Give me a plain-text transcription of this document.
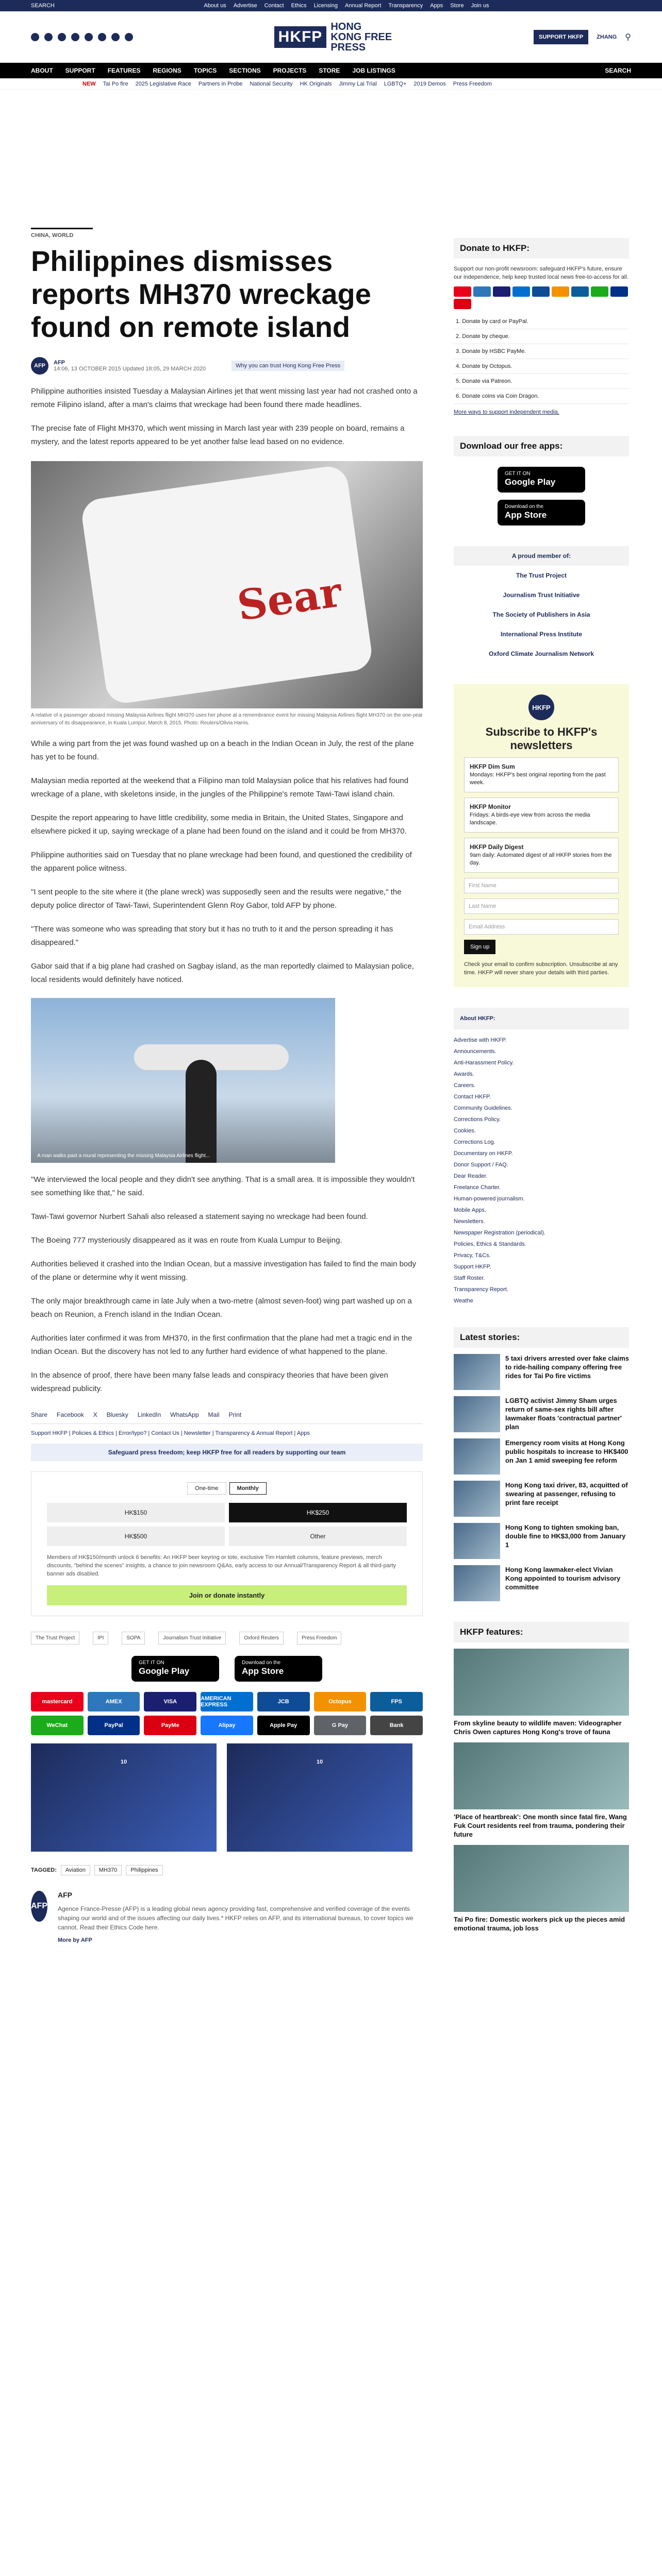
SEARCH	About us Advertise Contact Ethics Licensing Annual Report Transparency Apps Store Join us
HKFP
HONG KONG FREE PRESS
SUPPORT HKFP	ZHANG ⚲
ABOUT SUPPORT FEATURES REGIONS TOPICS SECTIONS PROJECTS STORE JOB LISTINGS	SEARCH
NEW Tai Po fire 2025 Legislative Race Partners in Probe National Security HK Originals Jimmy Lai Trial LGBTQ+ 2019 Demos Press Freedom
CHINA, WORLD
Philippines dismisses reports MH370 wreckage found on remote island
AFP	AFP
14:06, 13 OCTOBER 2015 Updated 18:05, 29 MARCH 2020	Why you can trust Hong Kong Free Press

Philippine authorities insisted Tuesday a Malaysian Airlines jet that went missing last year had not crashed onto a remote Filipino island, after a man's claims that wreckage had been found there made headlines.

The precise fate of Flight MH370, which went missing in March last year with 239 people on board, remains a mystery, and the latest reports appeared to be yet another false lead based on no evidence.

Sear
A relative of a passenger aboard missing Malaysia Airlines flight MH370 uses her phone at a remembrance event for missing Malaysia Airlines flight MH370 on the one-year anniversary of its disappearance, in Kuala Lumpur, March 8, 2015. Photo: Reuters/Olivia Harris.

While a wing part from the jet was found washed up on a beach in the Indian Ocean in July, the rest of the plane has yet to be found.

Malaysian media reported at the weekend that a Filipino man told Malaysian police that his relatives had found wreckage of a plane, with skeletons inside, in the jungles of the Philippine's remote Tawi-Tawi island chain.

Despite the report appearing to have little credibility, some media in Britain, the United States, Singapore and elsewhere picked it up, saying wreckage of a plane had been found on the island and it could be from MH370.

Philippine authorities said on Tuesday that no plane wreckage had been found, and questioned the credibility of the apparent police witness.

"I sent people to the site where it (the plane wreck) was supposedly seen and the results were negative," the deputy police director of Tawi-Tawi, Superintendent Glenn Roy Gabor, told AFP by phone.

"There was someone who was spreading that story but it has no truth to it and the person spreading it has disappeared."

Gabor said that if a big plane had crashed on Sagbay island, as the man reportedly claimed to Malaysian police, local residents would definitely have noticed.

A man walks past a mural representing the missing Malaysia Airlines flight...

"We interviewed the local people and they didn't see anything. That is a small area. It is impossible they wouldn't see something like that," he said.

Tawi-Tawi governor Nurbert Sahali also released a statement saying no wreckage had been found.

The Boeing 777 mysteriously disappeared as it was en route from Kuala Lumpur to Beijing.

Authorities believed it crashed into the Indian Ocean, but a massive investigation has failed to find the main body of the plane or determine why it went missing.

The only major breakthrough came in late July when a two-metre (almost seven-foot) wing part washed up on a beach on Reunion, a French island in the Indian Ocean.

Authorities later confirmed it was from MH370, in the first confirmation that the plane had met a tragic end in the Indian Ocean. But the discovery has not led to any further hard evidence of what happened to the plane.

In the absence of proof, there have been many false leads and conspiracy theories that have been given widespread publicity.

Share Facebook X Bluesky LinkedIn WhatsApp Mail Print
Support HKFP | Policies & Ethics | Error/typo? | Contact Us | Newsletter | Transparency & Annual Report | Apps
Safeguard press freedom; keep HKFP free for all readers by supporting our team
One-time	Monthly
HK$150	HK$250
HK$500	Other
Members of HK$150/month unlock 6 benefits: An HKFP beer keyring or tote, exclusive Tim Hamlett columns, feature previews, merch discounts, "behind the scenes" insights, a chance to join newsroom Q&As, early access to our Annual/Transparency Report & all third-party banner ads disabled.
Join or donate instantly
The Trust Project	IPI	SOPA	Journalism Trust Initiative	Oxford Reuters	Press Freedom
GET IT ON
Google Play
Download on the
App Store
mastercard	AMEX	VISA	AMERICAN EXPRESS	JCB	Octopus	FPS
WeChat	PayPal	PayMe	Alipay	Apple Pay	G Pay	Bank
10	10
TAGGED:	Aviation	MH370	Philippines
AFP
AFP

Agence France-Presse (AFP) is a leading global news agency providing fast, comprehensive and verified coverage of the events shaping our world and of the issues affecting our daily lives.* HKFP relies on AFP, and its international bureaus, to cover topics we cannot. Read their Ethics Code here.

More by AFP
Donate to HKFP:
Support our non-profit newsroom: safeguard HKFP's future, ensure our independence, help keep trusted local news free-to-access for all.
1. Donate by card or PayPal.
2. Donate by cheque.
3. Donate by HSBC PayMe.
4. Donate by Octopus.
5. Donate via Patreon.
6. Donate coins via Coin Dragon.
More ways to support independent media.
Download our free apps:
GET IT ON
Google Play
Download on the
App Store
A proud member of:
The Trust Project
Journalism Trust Initiative
The Society of Publishers in Asia
International Press Institute
Oxford Climate Journalism Network
HKFP
Subscribe to HKFP's newsletters
HKFP Dim Sum
Mondays: HKFP's best original reporting from the past week.
HKFP Monitor
Fridays: A birds-eye view from across the media landscape.
HKFP Daily Digest
9am daily: Automated digest of all HKFP stories from the day.
First Name
Last Name
Email Address
Sign up
Check your email to confirm subscription. Unsubscribe at any time. HKFP will never share your details with third parties.
About HKFP:
Advertise with HKFP.
Announcements.
Anti-Harassment Policy.
Awards.
Careers.
Contact HKFP.
Community Guidelines.
Corrections Policy.
Cookies.
Corrections Log.
Documentary on HKFP.
Donor Support / FAQ.
Dear Reader.
Freelance Charter.
Human-powered journalism.
Mobile Apps.
Newsletters.
Newspaper Registration (periodical).
Policies, Ethics & Standards.
Privacy, T&Cs.
Support HKFP.
Staff Roster.
Transparency Report.
Weathe
Latest stories:
5 taxi drivers arrested over fake claims to ride-hailing company offering free rides for Tai Po fire victims
LGBTQ activist Jimmy Sham urges return of same-sex rights bill after lawmaker floats 'contractual partner' plan
Emergency room visits at Hong Kong public hospitals to increase to HK$400 on Jan 1 amid sweeping fee reform
Hong Kong taxi driver, 83, acquitted of swearing at passenger, refusing to print fare receipt
Hong Kong to tighten smoking ban, double fine to HK$3,000 from January 1
Hong Kong lawmaker-elect Vivian Kong appointed to tourism advisory committee
HKFP features:
From skyline beauty to wildlife maven: Videographer Chris Owen captures Hong Kong's trove of fauna
'Place of heartbreak': One month since fatal fire, Wang Fuk Court residents reel from trauma, pondering their future
Tai Po fire: Domestic workers pick up the pieces amid emotional trauma, job loss
